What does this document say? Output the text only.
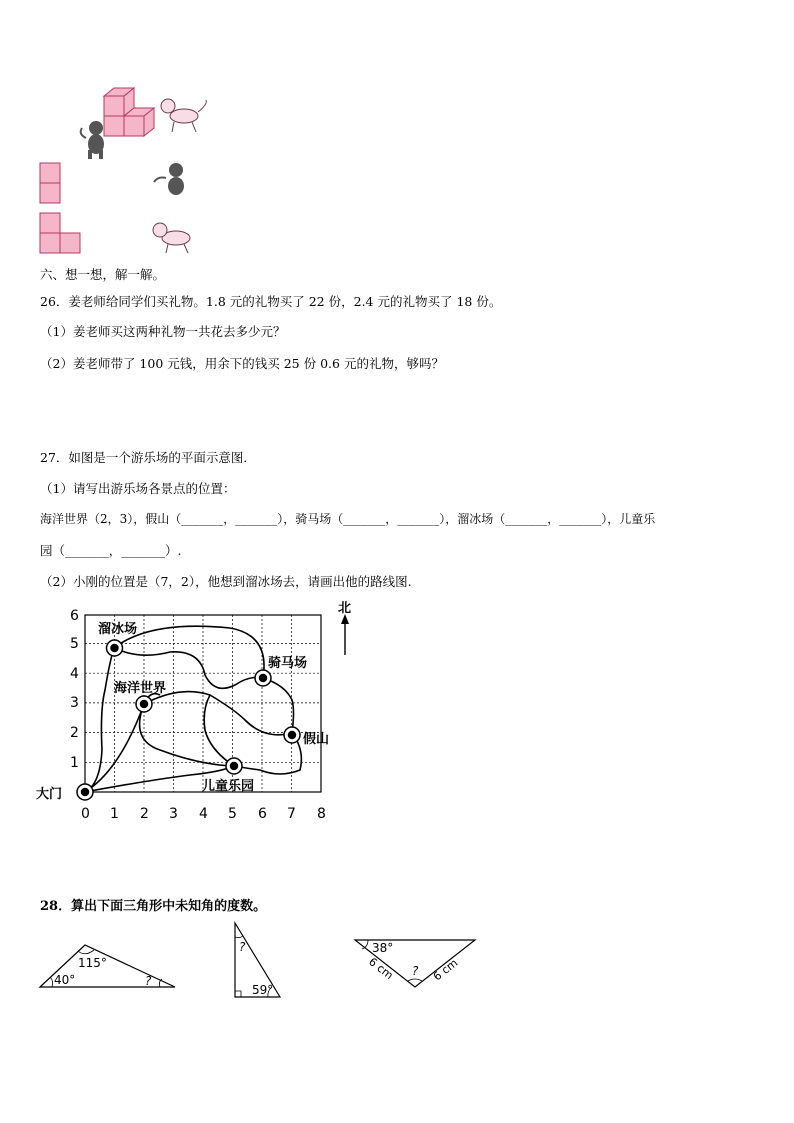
六、想一想，解一解。
26．姜老师给同学们买礼物。1.8 元的礼物买了 22 份，2.4 元的礼物买了 18 份。
（1）姜老师买这两种礼物一共花去多少元？
（2）姜老师带了 100 元钱，用余下的钱买 25 份 0.6 元的礼物，够吗？
27．如图是一个游乐场的平面示意图．
（1）请写出游乐场各景点的位置：
海洋世界（2，3），假山（_______，_______），骑马场（_______，_______），溜冰场（_______，_______），儿童乐
园（_______，_______）.
（2）小刚的位置是（7，2），他想到溜冰场去，请画出他的路线图.
1
2
3
4
5
6
0 1 2 3 4 5 6 7 8
大门
溜冰场
海洋世界
骑马场
假山
儿童乐园
北
28．算出下面三角形中未知角的度数。
115°
40°	?
?
59°
38°
?
6 cm	6 cm
